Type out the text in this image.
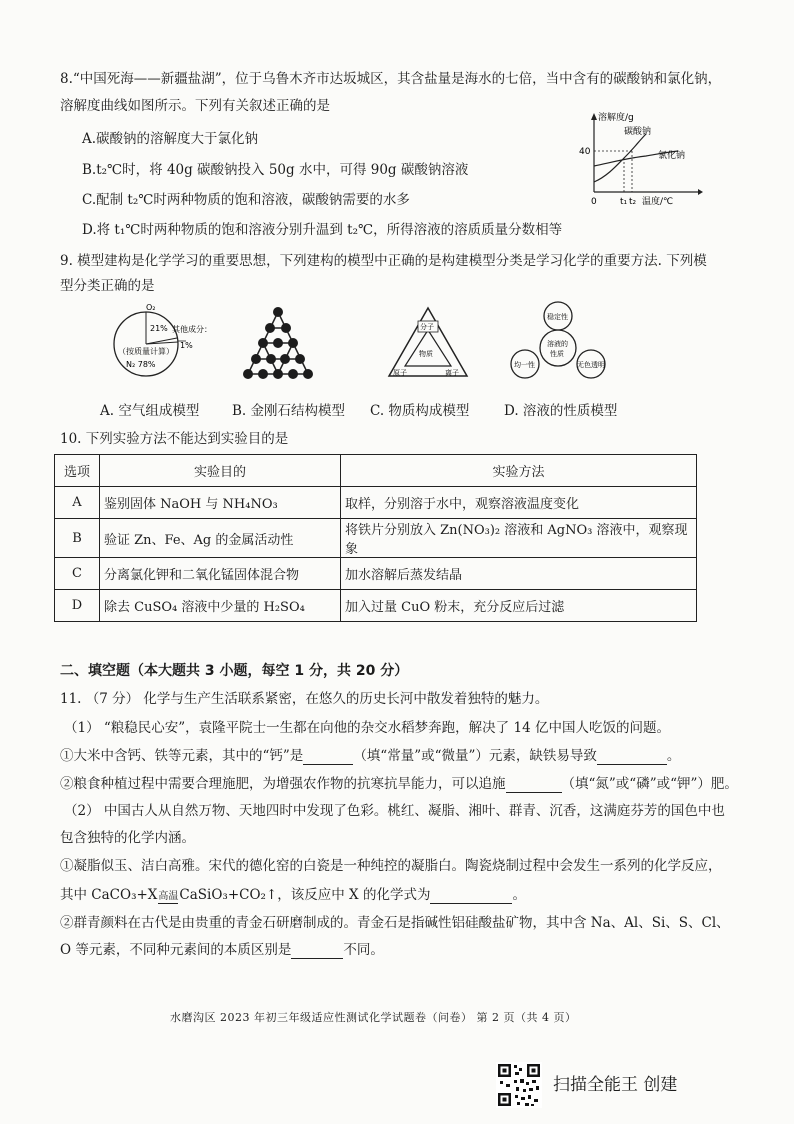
8.“中国死海——新疆盐湖”，位于乌鲁木齐市达坂城区，其含盐量是海水的七倍，当中含有的碳酸钠和氯化钠，
溶解度曲线如图所示。下列有关叙述正确的是
A.碳酸钠的溶解度大于氯化钠
B.t₂℃时，将 40g 碳酸钠投入 50g 水中，可得 90g 碳酸钠溶液
C.配制 t₂℃时两种物质的饱和溶液，碳酸钠需要的水多
D.将 t₁℃时两种物质的饱和溶液分别升温到 t₂℃，所得溶液的溶质质量分数相等
溶解度/g
40
碳酸钠
氯化钠
0	t₁ t₂ 温度/℃
9. 模型建构是化学学习的重要思想，下列建构的模型中正确的是构建模型分类是学习化学的重要方法. 下列模
型分类正确的是
O₂
21% 其他成分：
1%
（按质量计算）
N₂ 78%
分子
物质
原子	离子
稳定性
溶液的
性质
均一性	无色透明
A. 空气组成模型 B. 金刚石结构模型 C. 物质构成模型	D. 溶液的性质模型
10. 下列实验方法不能达到实验目的是
选项	实验目的	实验方法
A	鉴别固体 NaOH 与 NH₄NO₃	取样，分别溶于水中，观察溶液温度变化
B	验证 Zn、Fe、Ag 的金属活动性	将铁片分别放入 Zn(NO₃)₂ 溶液和 AgNO₃ 溶液中，观察现象
C	分离氯化钾和二氧化锰固体混合物	加水溶解后蒸发结晶
D	除去 CuSO₄ 溶液中少量的 H₂SO₄	加入过量 CuO 粉末，充分反应后过滤
二、填空题（本大题共 3 小题，每空 1 分，共 20 分）
11. （7 分） 化学与生产生活联系紧密，在悠久的历史长河中散发着独特的魅力。
（1） “粮稳民心安”，袁隆平院士一生都在向他的杂交水稻梦奔跑，解决了 14 亿中国人吃饭的问题。
①大米中含钙、铁等元素，其中的“钙”是	（填“常量”或“微量”）元素，缺铁易导致	。
②粮食种植过程中需要合理施肥，为增强农作物的抗寒抗旱能力，可以追施	（填“氮”或“磷”或“钾”）肥。
（2） 中国古人从自然万物、天地四时中发现了色彩。桃红、凝脂、湘叶、群青、沉香，这满庭芬芳的国色中也
包含独特的化学内涵。
①凝脂似玉、洁白高雅。宋代的德化窑的白瓷是一种纯控的凝脂白。陶瓷烧制过程中会发生一系列的化学反应，
其中 CaCO₃+X高温CaSiO₃+CO₂↑，该反应中 X 的化学式为	。
②群青颜料在古代是由贵重的青金石研磨制成的。青金石是指碱性铝硅酸盐矿物，其中含 Na、Al、Si、S、Cl、
O 等元素，不同种元素间的本质区别是	不同。
水磨沟区 2023 年初三年级适应性测试化学试题卷（问卷） 第 2 页（共 4 页）
扫描全能王 创建
